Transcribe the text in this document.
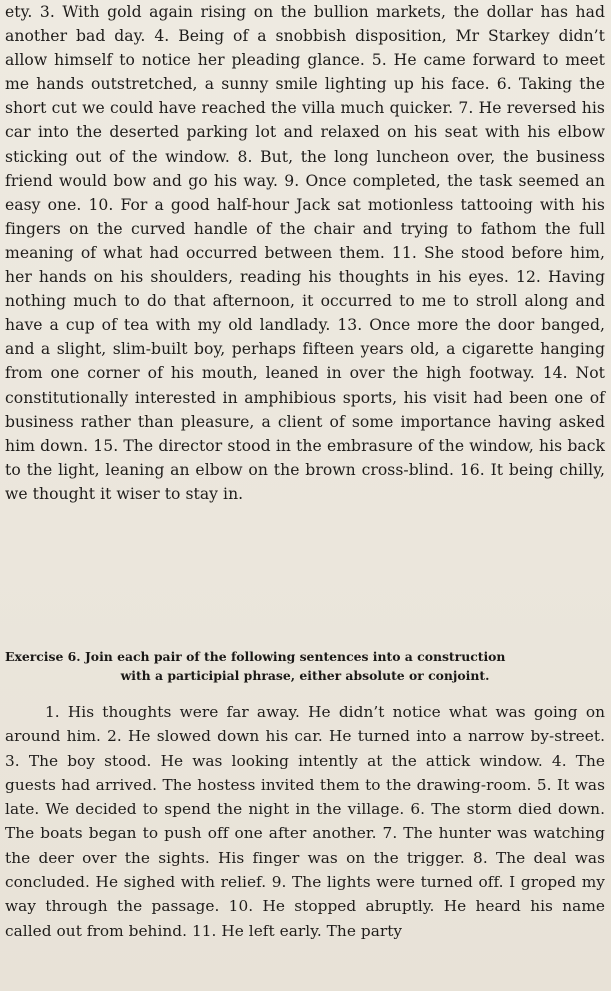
ety. 3. With gold again rising on the bullion markets, the dollar has had another bad day. 4. Being of a snobbish disposition, Mr Starkey didn’t allow himself to notice her pleading glance. 5. He came forward to meet me hands outstretched, a sunny smile lighting up his face. 6. Taking the short cut we could have reached the villa much quicker. 7. He reversed his car into the deserted parking lot and relaxed on his seat with his elbow sticking out of the window. 8. But, the long luncheon over, the business friend would bow and go his way. 9. Once completed, the task seemed an easy one. 10. For a good half-hour Jack sat motionless tattooing with his fingers on the curved handle of the chair and trying to fathom the full meaning of what had occurred between them. 11. She stood before him, her hands on his shoulders, reading his thoughts in his eyes. 12. Having nothing much to do that afternoon, it occurred to me to stroll along and have a cup of tea with my old landlady. 13. Once more the door banged, and a slight, slim-built boy, perhaps fifteen years old, a cigarette hanging from one corner of his mouth, leaned in over the high footway. 14. Not constitutionally interested in amphibious sports, his visit had been one of business rather than pleasure, a client of some importance having asked him down. 15. The director stood in the embrasure of the window, his back to the light, leaning an elbow on the brown cross-blind. 16. It being chilly, we thought it wiser to stay in.

Exercise 6. Join each pair of the following sentences into a construction
with a participial phrase, either absolute or conjoint.

1. His thoughts were far away. He didn’t notice what was going on around him. 2. He slowed down his car. He turned into a narrow by-street. 3. The boy stood. He was looking intently at the attick window. 4. The guests had arrived. The hostess invited them to the drawing-room. 5. It was late. We decided to spend the night in the village. 6. The storm died down. The boats began to push off one after another. 7. The hunter was watching the deer over the sights. His finger was on the trigger. 8. The deal was concluded. He sighed with relief. 9. The lights were turned off. I groped my way through the passage. 10. He stopped abruptly. He heard his name called out from behind. 11. He left early. The party
